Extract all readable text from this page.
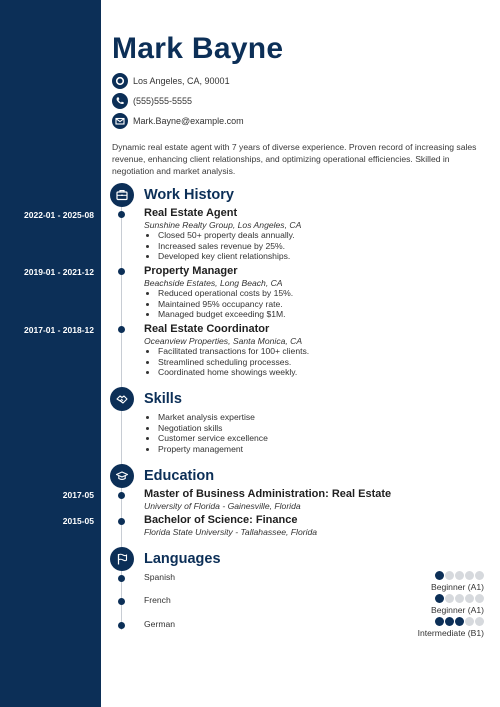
2022-01 - 2025-08
2019-01 - 2021-12
2017-01 - 2018-12
2017-05
2015-05
Mark Bayne
Los Angeles, CA, 90001
(555)555-5555
Mark.Bayne@example.com
Dynamic real estate agent with 7 years of diverse experience. Proven record of increasing sales revenue, enhancing client relationships, and optimizing operational efficiencies. Skilled in negotiation and market analysis.
Work History
Real Estate Agent
Sunshine Realty Group, Los Angeles, CA
• Closed 50+ property deals annually.
• Increased sales revenue by 25%.
• Developed key client relationships.
Property Manager
Beachside Estates, Long Beach, CA
• Reduced operational costs by 15%.
• Maintained 95% occupancy rate.
• Managed budget exceeding $1M.
Real Estate Coordinator
Oceanview Properties, Santa Monica, CA
• Facilitated transactions for 100+ clients.
• Streamlined scheduling processes.
• Coordinated home showings weekly.
Skills
• Market analysis expertise
• Negotiation skills
• Customer service excellence
• Property management
Education
Master of Business Administration: Real Estate
University of Florida - Gainesville, Florida
Bachelor of Science: Finance
Florida State University - Tallahassee, Florida
Languages
Spanish
Beginner (A1)
French
Beginner (A1)
German
Intermediate (B1)
